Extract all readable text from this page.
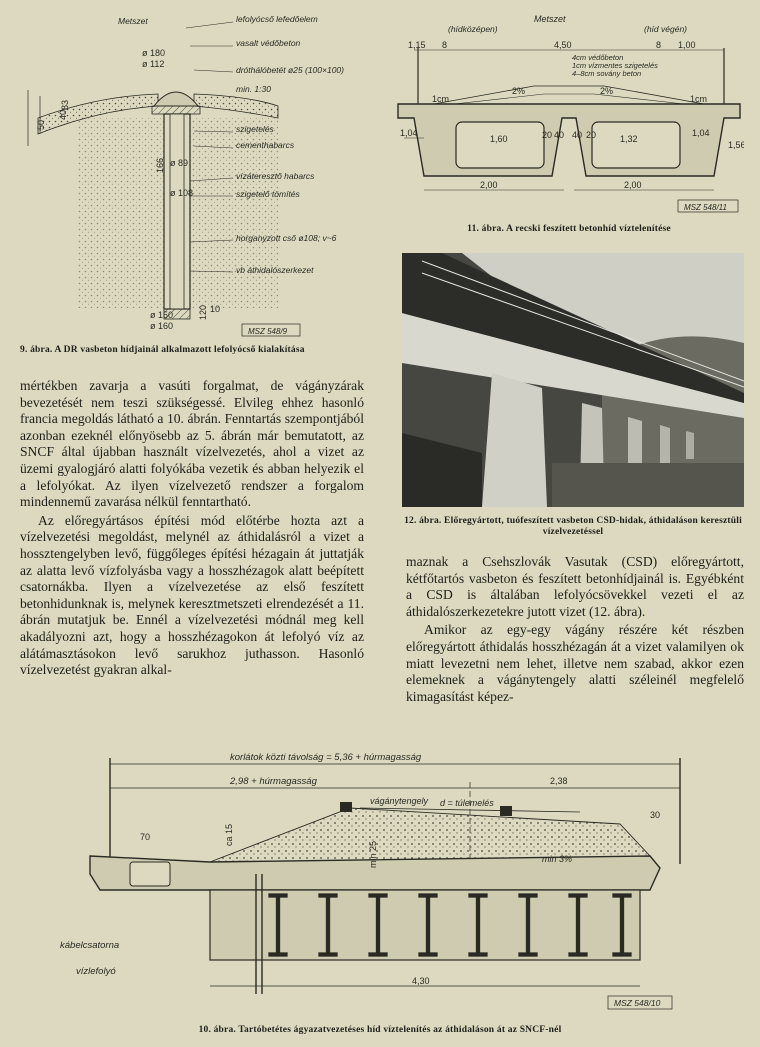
Metszet	lefolyócső lefedőelem
vasalt védőbeton
dróthálóbetét ø25 (100×100)
min. 1:30
szigetelés
cementhabarcs
vízáteresztő habarcs
szigetelő tömítés
horganyzott cső ø108; v~6
vb áthidalószerkezet
ø 180
ø 112
ø 89
ø 108
ø 150
ø 160
50
40
83
166
120 10
MSZ 548/9
9. ábra. A DR vasbeton hídjainál alkalmazott lefolyócső kialakítása
Metszet
(hídközépen)	(híd végén)
4cm védőbeton
1cm vízmentes szigetelés
4–8cm sovány beton
1,15 8	4,50	8 1,00
1cm
2%	2%
1cm
1,04
1,60	20 40 40 20	1,32
1,04
2,00	2,00
1,56
MSZ 548/11
11. ábra. A recski feszített betonhíd víztelenítése
12. ábra. Előregyártott, tuófeszített vasbeton CSD-hidak, áthidaláson keresztüli vízelvezetéssel

mértékben zavarja a vasúti forgalmat, de vágányzárak bevezetését nem teszi szükségessé. Elvileg ehhez hasonló francia megoldás látható a 10. ábrán. Fenntartás szempontjából azonban ezeknél előnyösebb az 5. ábrán már bemutatott, az SNCF által újabban használt vízelvezetés, ahol a vizet az üzemi gyalogjáró alatti folyókába vezetik és abban helyezik el a lefolyókat. Az ilyen vízelvezető rendszer a forgalom mindennemű zavarása nélkül fenntartható.

Az előregyártásos építési mód előtérbe hozta azt a vízelvezetési megoldást, melynél az áthidalásról a vizet a hossztengelyben levő, függőleges építési hézagain át juttatják az alatta levő vízfolyásba vagy a hosszhézagok alatt beépített csatornákba. Ilyen a vízelvezetése az első feszített betonhidunknak is, melynek keresztmetszeti elrendezését a 11. ábrán mutatjuk be. Ennél a vízelvezetési módnál meg kell akadályozni azt, hogy a hosszhézagokon át lefolyó víz az alátámasztásokon levő sarukhoz juthasson. Hasonló vízelvezetést gyakran alkal-

maznak a Csehszlovák Vasutak (CSD) előregyártott, kétfőtartós vasbeton és feszített betonhídjainál is. Egyébként a CSD is általában lefolyócsövekkel vezeti el az áthidalószerkezetekre jutott vizet (12. ábra).

Amikor az egy-egy vágány részére két részben előregyártott áthidalás hosszhézagán át a vizet valamilyen ok miatt levezetni nem lehet, illetve nem szabad, akkor ezen elemeknek a vágánytengely alatti széleinél megfelelő kimagasítást képez-

korlátok közti távolság = 5,36 + húrmagasság
2,98 + húrmagasság	2,38
vágánytengely d = túlemelés
70
30
min 25
ca 15
min 3%
kábelcsatorna
vízlefolyó
4,30
MSZ 548/10
10. ábra. Tartóbetétes ágyazatvezetéses híd víztelenítés az áthidaláson át az SNCF-nél
